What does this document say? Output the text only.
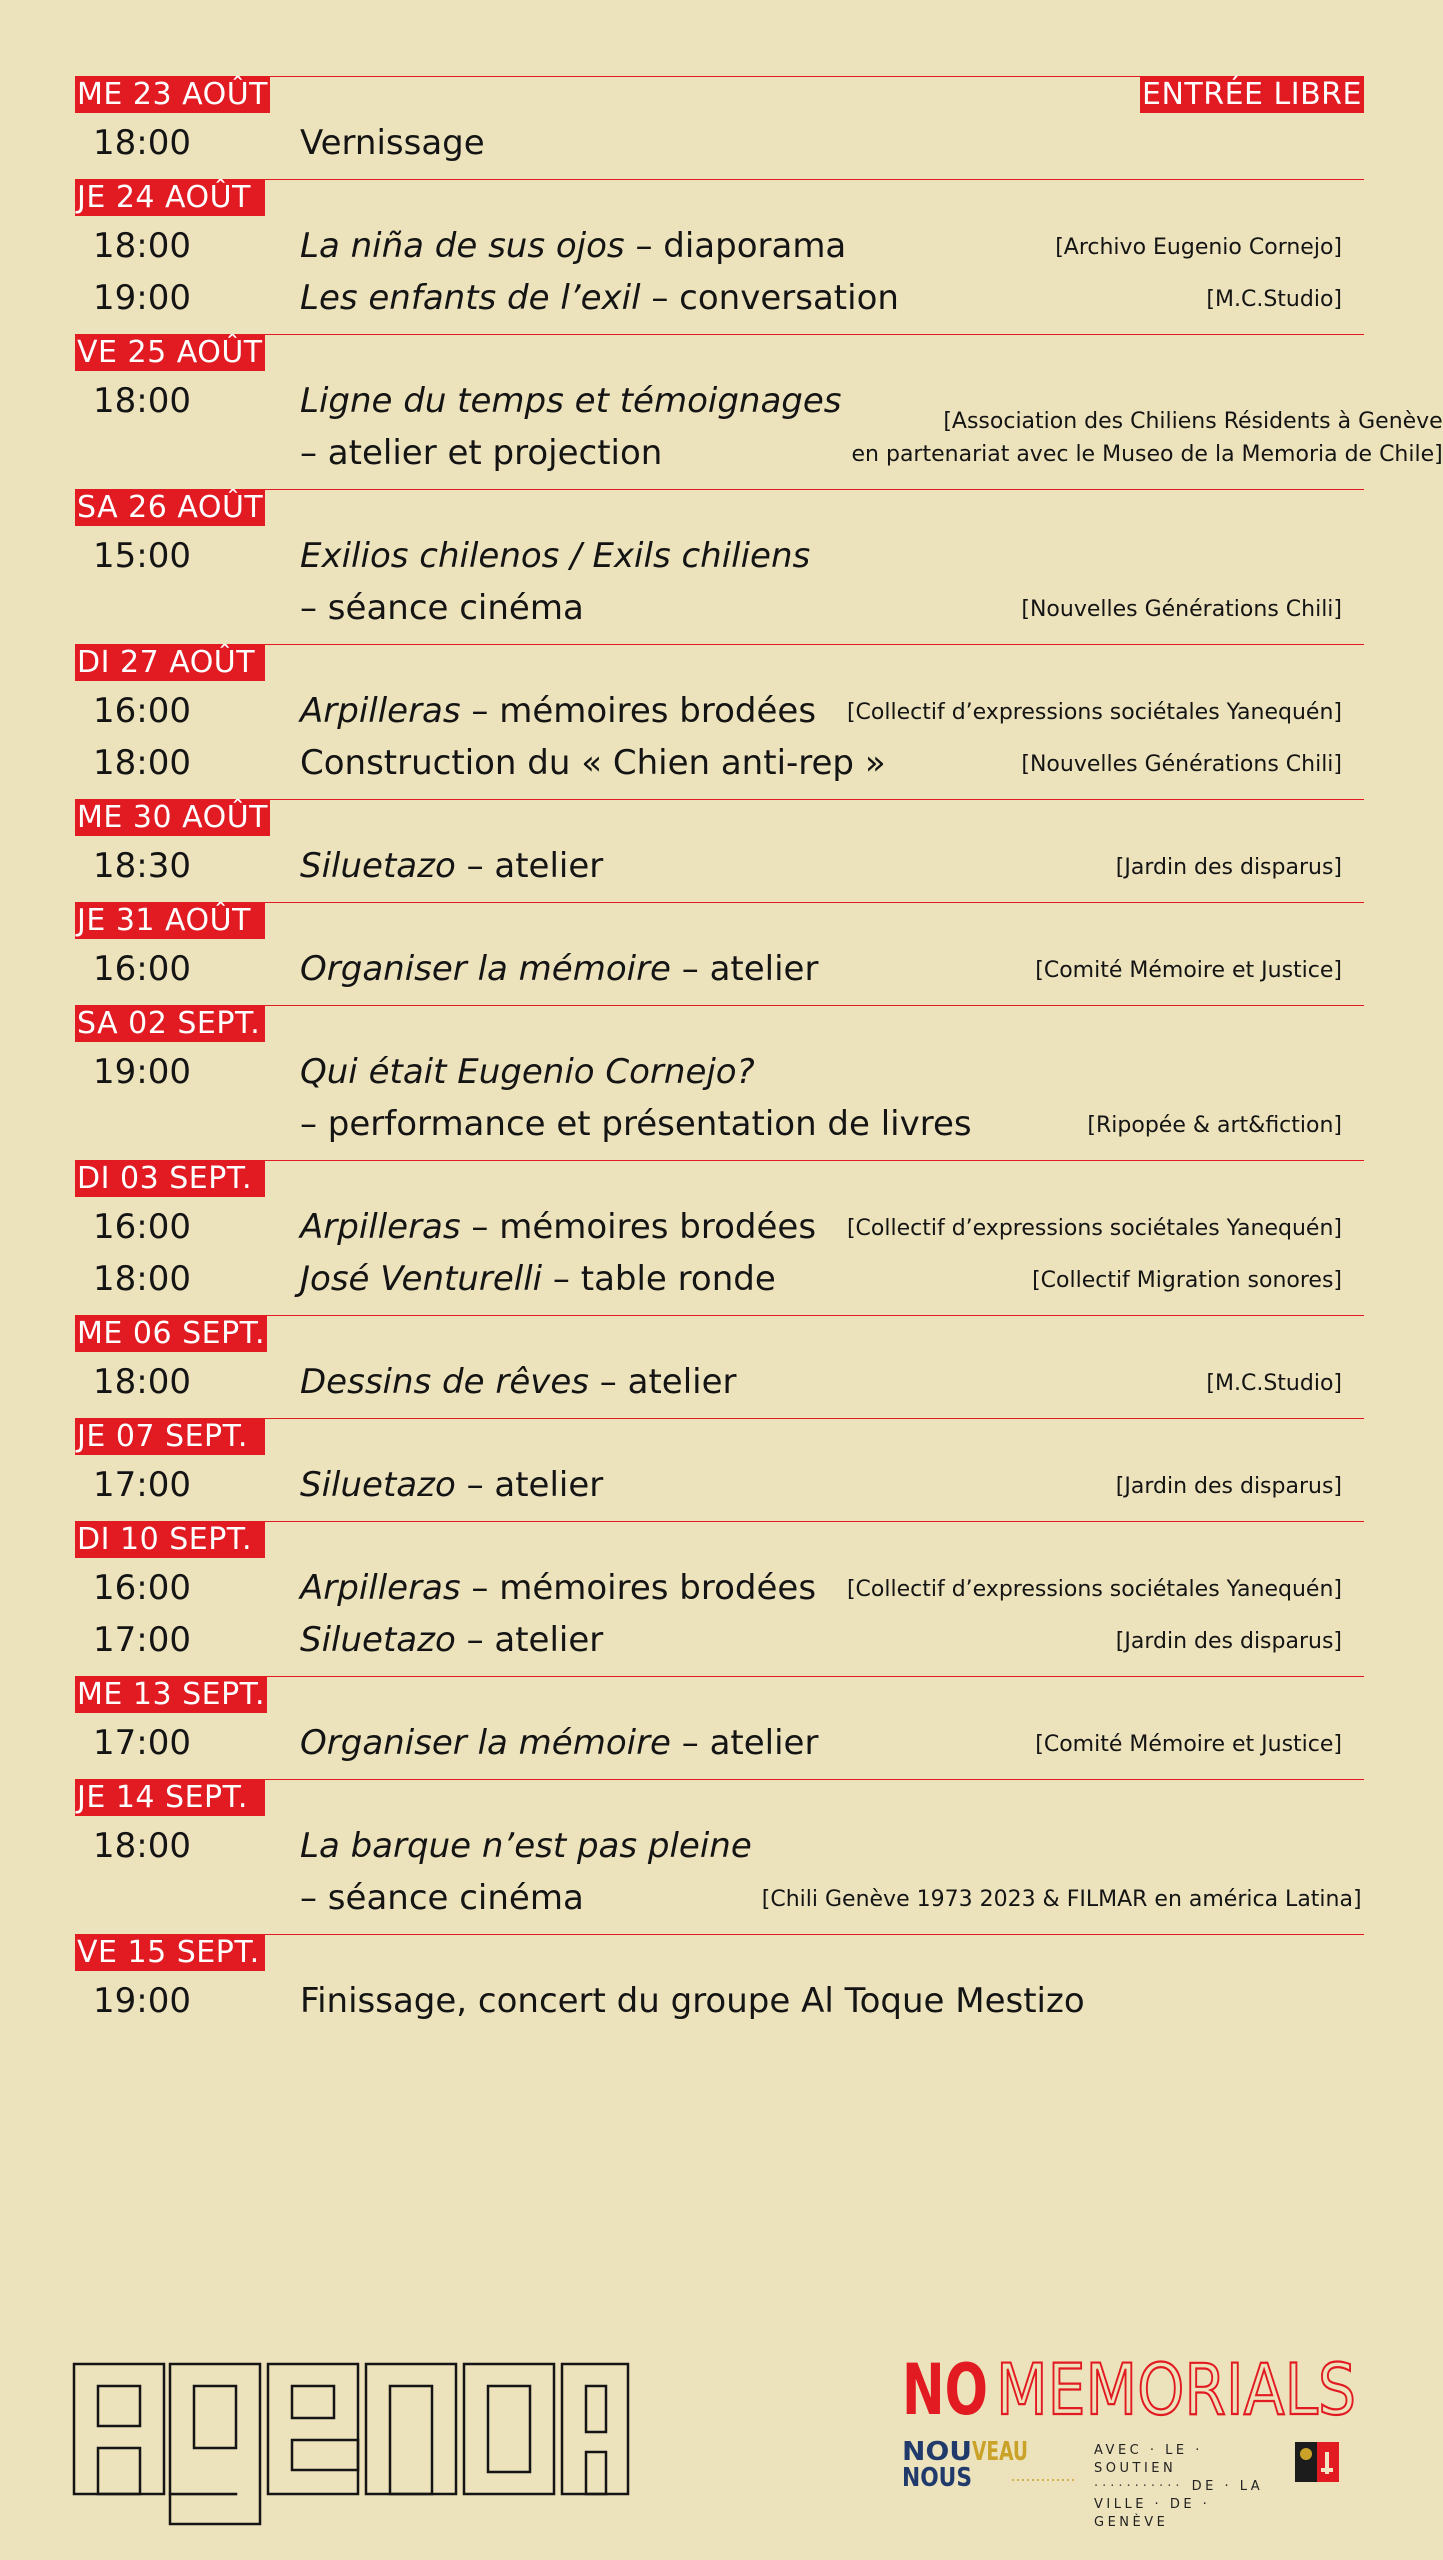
ME 23 AOÛT	ENTRÉE LIBRE
18:00	Vernissage
JE 24 AOÛT
18:00	La niña de sus ojos – diaporama	[Archivo Eugenio Cornejo]
19:00	Les enfants de l’exil – conversation	[M.C.Studio]
VE 25 AOÛT
18:00	Ligne du temps et témoignages
– atelier et projection
[Association des Chiliens Résidents à Genève
en partenariat avec le Museo de la Memoria de Chile]
SA 26 AOÛT
15:00	Exilios chilenos / Exils chiliens
– séance cinéma	[Nouvelles Générations Chili]
DI 27 AOÛT
16:00	Arpilleras – mémoires brodées	[Collectif d’expressions sociétales Yanequén]
18:00	Construction du « Chien anti-rep »	[Nouvelles Générations Chili]
ME 30 AOÛT
18:30	Siluetazo – atelier	[Jardin des disparus]
JE 31 AOÛT
16:00	Organiser la mémoire – atelier	[Comité Mémoire et Justice]
SA 02 SEPT.
19:00	Qui était Eugenio Cornejo?
– performance et présentation de livres	[Ripopée & art&fiction]
DI 03 SEPT.
16:00	Arpilleras – mémoires brodées	[Collectif d’expressions sociétales Yanequén]
18:00	José Venturelli – table ronde	[Collectif Migration sonores]
ME 06 SEPT.
18:00	Dessins de rêves – atelier	[M.C.Studio]
JE 07 SEPT.
17:00	Siluetazo – atelier	[Jardin des disparus]
DI 10 SEPT.
16:00	Arpilleras – mémoires brodées	[Collectif d’expressions sociétales Yanequén]
17:00	Siluetazo – atelier	[Jardin des disparus]
ME 13 SEPT.
17:00	Organiser la mémoire – atelier	[Comité Mémoire et Justice]
JE 14 SEPT.
18:00	La barque n’est pas pleine
– séance cinéma	[Chili Genève 1973 2023 & FILMAR en américa Latina]
VE 15 SEPT.
19:00	Finissage, concert du groupe Al Toque Mestizo
NO MEMORIALS
NOU VEAU
NOUS
AVEC · LE · SOUTIEN
··········· DE · LA
VILLE · DE · GENÈVE
